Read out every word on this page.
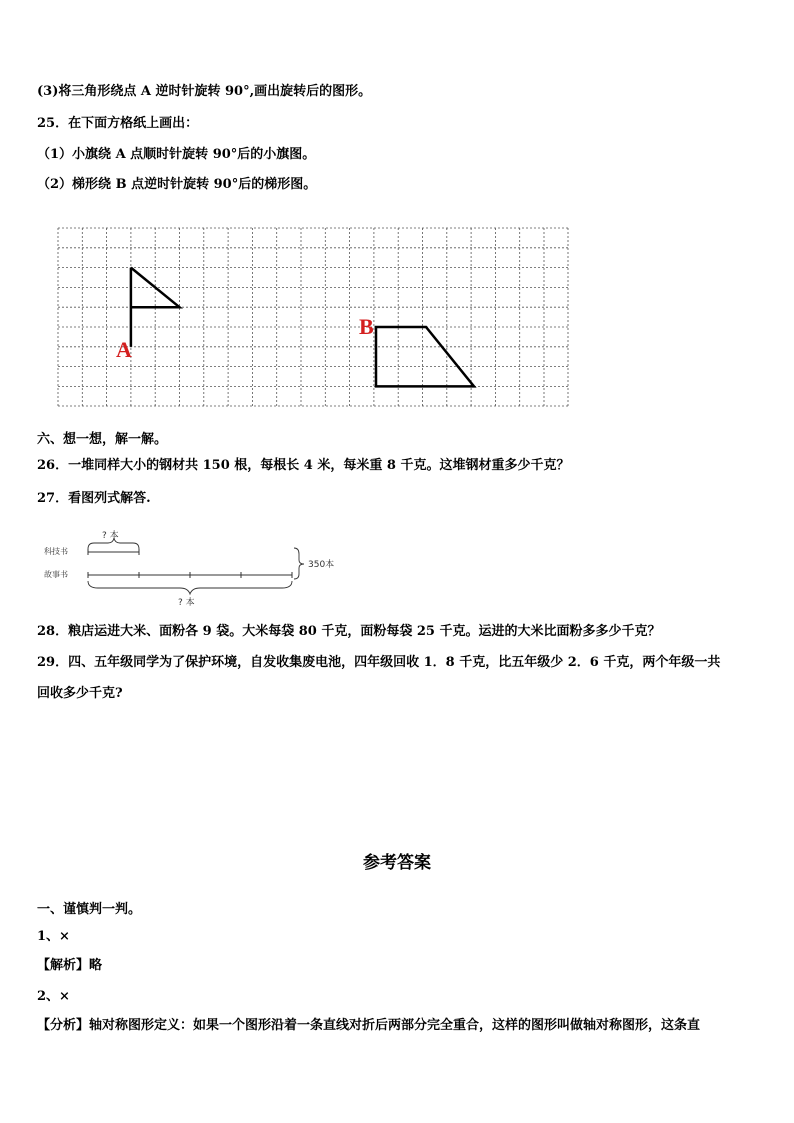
(3)将三角形绕点 A 逆时针旋转 90°,画出旋转后的图形。
25．在下面方格纸上画出：
（1）小旗绕 A 点顺时针旋转 90°后的小旗图。
（2）梯形绕 B 点逆时针旋转 90°后的梯形图。
A
B
六、想一想，解一解。
26．一堆同样大小的钢材共 150 根，每根长 4 米，每米重 8 千克。这堆钢材重多少千克？
27．看图列式解答.
? 本
科技书
故事书
350本
? 本
28．粮店运进大米、面粉各 9 袋。大米每袋 80 千克，面粉每袋 25 千克。运进的大米比面粉多多少千克？
29．四、五年级同学为了保护环境，自发收集废电池，四年级回收 1．8 千克，比五年级少 2．6 千克，两个年级一共
回收多少千克?
参考答案
一、谨慎判一判。
1、×
【解析】略
2、×
【分析】轴对称图形定义：如果一个图形沿着一条直线对折后两部分完全重合，这样的图形叫做轴对称图形，这条直
